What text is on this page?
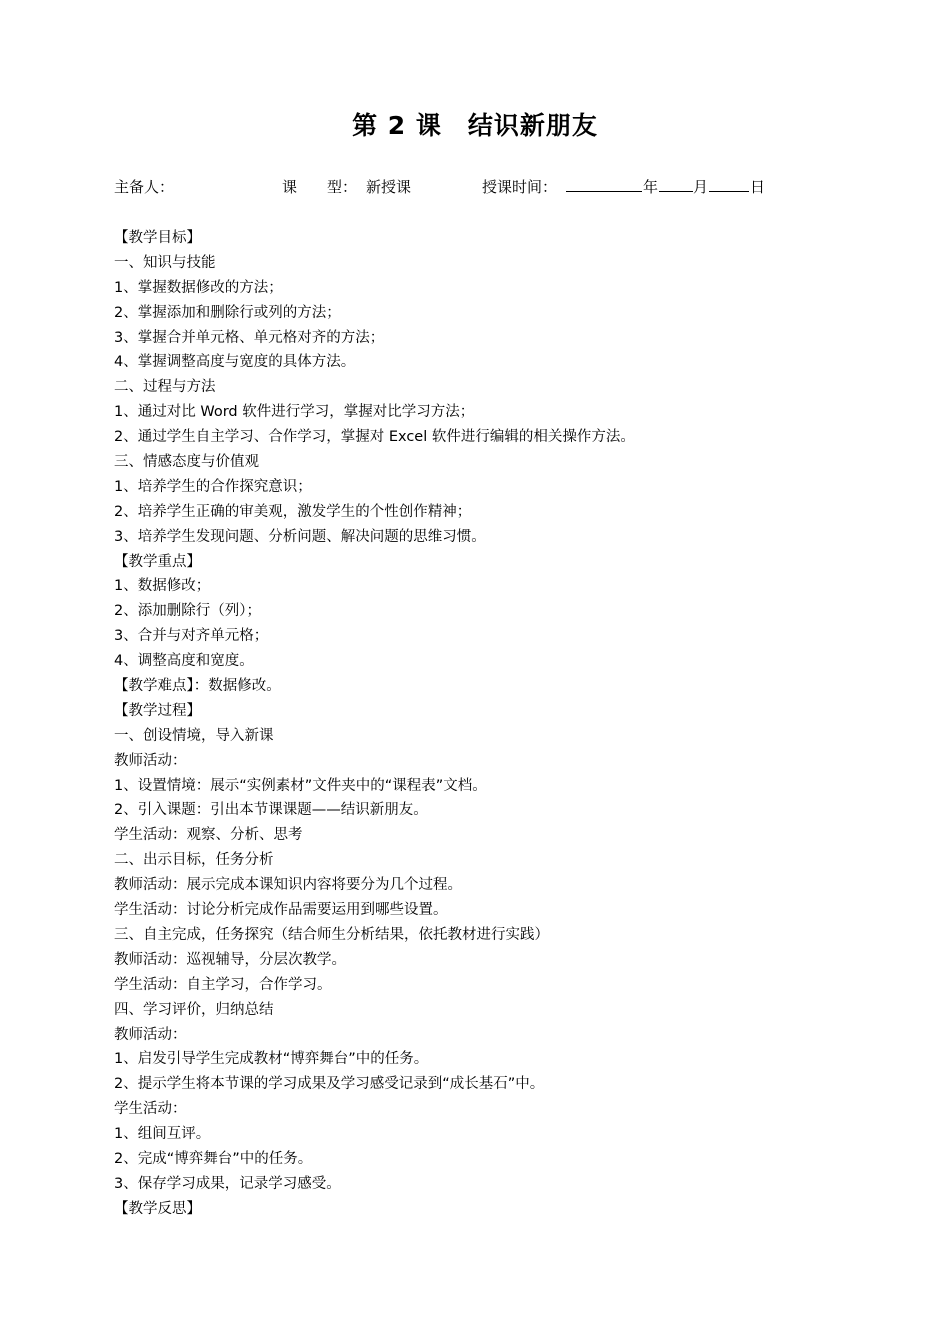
第 2 课　结识新朋友
主备人：	课　　型： 新授课	授课时间：	年 月	日
【教学目标】
一、知识与技能
1、掌握数据修改的方法；
2、掌握添加和删除行或列的方法；
3、掌握合并单元格、单元格对齐的方法；
4、掌握调整高度与宽度的具体方法。
二、过程与方法
1、通过对比 Word 软件进行学习，掌握对比学习方法；
2、通过学生自主学习、合作学习，掌握对 Excel 软件进行编辑的相关操作方法。
三、情感态度与价值观
1、培养学生的合作探究意识；
2、培养学生正确的审美观，激发学生的个性创作精神；
3、培养学生发现问题、分析问题、解决问题的思维习惯。
【教学重点】
1、数据修改；
2、添加删除行（列）；
3、合并与对齐单元格；
4、调整高度和宽度。
【教学难点】：数据修改。
【教学过程】
一、创设情境，导入新课
教师活动：
1、设置情境：展示“实例素材”文件夹中的“课程表”文档。
2、引入课题：引出本节课课题——结识新朋友。
学生活动：观察、分析、思考
二、出示目标，任务分析
教师活动：展示完成本课知识内容将要分为几个过程。
学生活动：讨论分析完成作品需要运用到哪些设置。
三、自主完成，任务探究（结合师生分析结果，依托教材进行实践）
教师活动：巡视辅导，分层次教学。
学生活动：自主学习，合作学习。
四、学习评价，归纳总结
教师活动：
1、启发引导学生完成教材“博弈舞台”中的任务。
2、提示学生将本节课的学习成果及学习感受记录到“成长基石”中。
学生活动：
1、组间互评。
2、完成“博弈舞台”中的任务。
3、保存学习成果，记录学习感受。
【教学反思】
